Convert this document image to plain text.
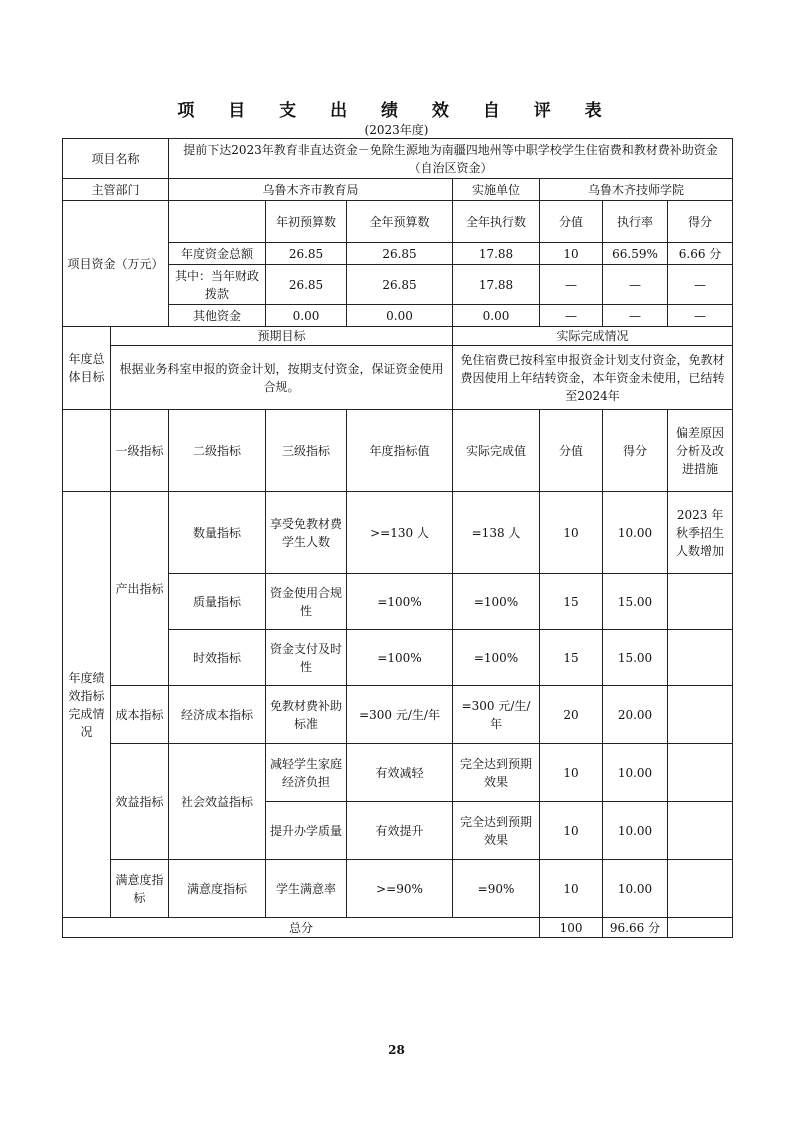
项 目 支 出 绩 效 自 评 表
(2023年度)
项目名称		提前下达2023年教育非直达资金－免除生源地为南疆四地州等中职学校学生住宿费和教材费补助资金（自治区资金）						
主管部门		乌鲁木齐市教育局			实施单位	乌鲁木齐技师学院		
项目资金（万元）			年初预算数	全年预算数	全年执行数	分值	执行率	得分
		年度资金总额	26.85	26.85	17.88	10	66.59%	6.66 分
		其中：当年财政拨款	26.85	26.85	17.88	—	—	—
		其他资金	0.00	0.00	0.00	—	—	—
年度总体目标	预期目标				实际完成情况			
	根据业务科室申报的资金计划，按期支付资金，保证资金使用合规。				免住宿费已按科室申报资金计划支付资金，免教材费因使用上年结转资金，本年资金未使用，已结转至2024年			
	一级指标	二级指标	三级指标	年度指标值	实际完成值	分值	得分	偏差原因分析及改进措施
年度绩效指标完成情况	产出指标	数量指标	享受免教材费学生人数	>=130 人	=138 人	10	10.00	2023 年秋季招生人数增加
		质量指标	资金使用合规性	=100%	=100%	15	15.00	
		时效指标	资金支付及时性	=100%	=100%	15	15.00	
	成本指标	经济成本指标	免教材费补助标准	=300 元/生/年	=300 元/生/年	20	20.00	
	效益指标	社会效益指标	减轻学生家庭经济负担	有效减轻	完全达到预期效果	10	10.00	
			提升办学质量	有效提升	完全达到预期效果	10	10.00	
	满意度指标	满意度指标	学生满意率	>=90%	=90%	10	10.00	
总分						100	96.66 分	
28
